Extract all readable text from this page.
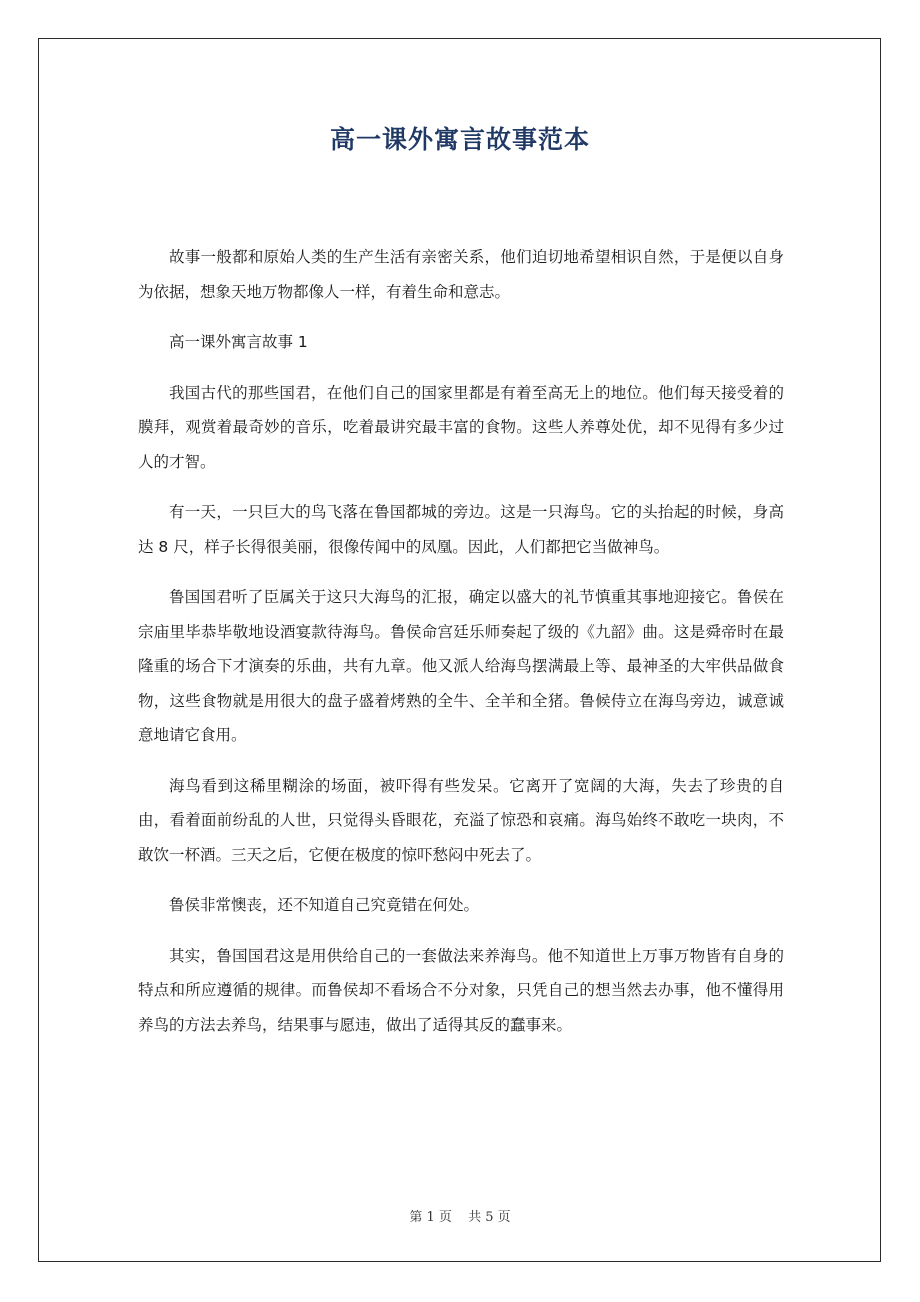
高一课外寓言故事范本

故事一般都和原始人类的生产生活有亲密关系，他们迫切地希望相识自然，于是便以自身为依据，想象天地万物都像人一样，有着生命和意志。

高一课外寓言故事 1

我国古代的那些国君，在他们自己的国家里都是有着至高无上的地位。他们每天接受着的膜拜，观赏着最奇妙的音乐，吃着最讲究最丰富的食物。这些人养尊处优，却不见得有多少过人的才智。

有一天，一只巨大的鸟飞落在鲁国都城的旁边。这是一只海鸟。它的头抬起的时候，身高达 8 尺，样子长得很美丽，很像传闻中的凤凰。因此，人们都把它当做神鸟。

鲁国国君听了臣属关于这只大海鸟的汇报，确定以盛大的礼节慎重其事地迎接它。鲁侯在宗庙里毕恭毕敬地设酒宴款待海鸟。鲁侯命宫廷乐师奏起了级的《九韶》曲。这是舜帝时在最隆重的场合下才演奏的乐曲，共有九章。他又派人给海鸟摆满最上等、最神圣的大牢供品做食物，这些食物就是用很大的盘子盛着烤熟的全牛、全羊和全猪。鲁候侍立在海鸟旁边，诚意诚意地请它食用。

海鸟看到这稀里糊涂的场面，被吓得有些发呆。它离开了宽阔的大海，失去了珍贵的自由，看着面前纷乱的人世，只觉得头昏眼花，充溢了惊恐和哀痛。海鸟始终不敢吃一块肉，不敢饮一杯酒。三天之后，它便在极度的惊吓愁闷中死去了。

鲁侯非常懊丧，还不知道自己究竟错在何处。

其实，鲁国国君这是用供给自己的一套做法来养海鸟。他不知道世上万事万物皆有自身的特点和所应遵循的规律。而鲁侯却不看场合不分对象，只凭自己的想当然去办事，他不懂得用养鸟的方法去养鸟，结果事与愿违，做出了适得其反的蠢事来。

第 1 页 共 5 页
